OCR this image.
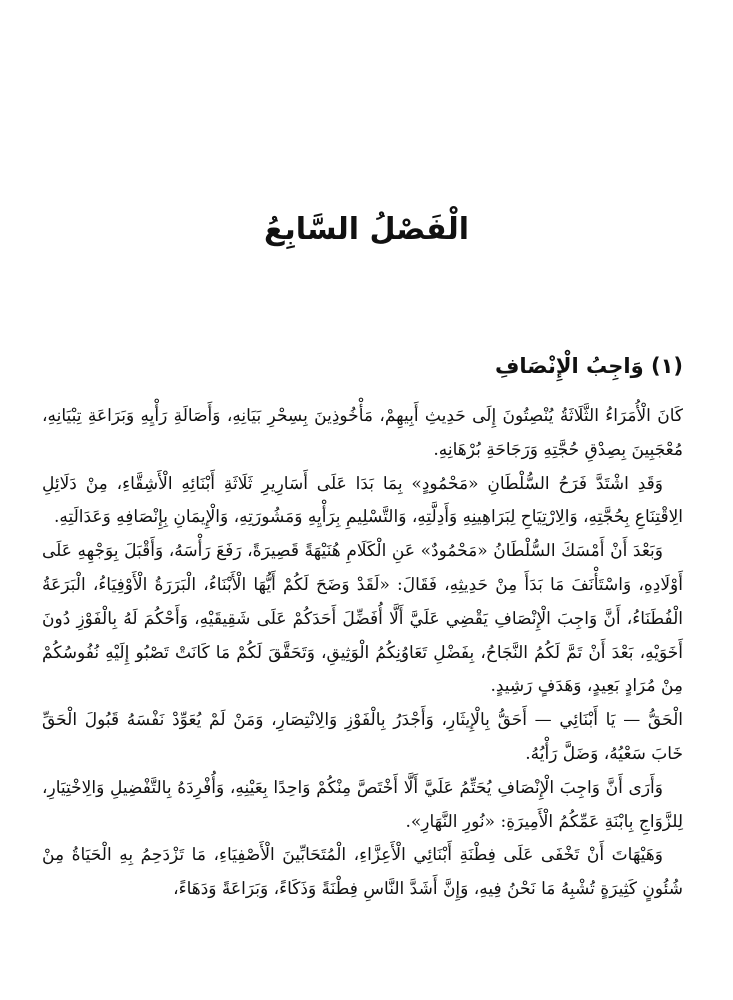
الْفَصْلُ السَّابِعُ
(١) وَاجِبُ الْإِنْصَافِ

كَانَ الْأُمَرَاءُ الثَّلَاثَةُ يُنْصِتُونَ إِلَى حَدِيثِ أَبِيهِمْ، مَأْخُوذِينَ بِسِحْرِ بَيَانِهِ، وَأَصَالَةِ رَأْيِهِ وَبَرَاعَةِ تِبْيَانِهِ، مُعْجَبِينَ بِصِدْقِ حُجَّتِهِ وَرَجَاحَةِ بُرْهَانِهِ.

وَقَدِ اشْتَدَّ فَرَحُ السُّلْطَانِ «مَحْمُودٍ» بِمَا بَدَا عَلَى أَسَارِيرِ ثَلَاثَةِ أَبْنَائِهِ الْأَشِقَّاءِ، مِنْ دَلَائِلِ الِاقْتِنَاعِ بِحُجَّتِهِ، وَالِارْتِيَاحِ لِبَرَاهِينِهِ وَأَدِلَّتِهِ، وَالتَّسْلِيمِ بِرَأْيِهِ وَمَشُورَتِهِ، وَالْإِيمَانِ بِإِنْصَافِهِ وَعَدَالَتِهِ.

وَبَعْدَ أَنْ أَمْسَكَ السُّلْطَانُ «مَحْمُودٌ» عَنِ الْكَلَامِ هُنَيْهَةً قَصِيرَةً، رَفَعَ رَأْسَهُ، وَأَقْبَلَ بِوَجْهِهِ عَلَى أَوْلَادِهِ، وَاسْتَأْنَفَ مَا بَدَأَ مِنْ حَدِيثِهِ، فَقَالَ: «لَقَدْ وَضَحَ لَكُمْ أَيُّهَا الْأَبْنَاءُ، الْبَرَرَةُ الْأَوْفِيَاءُ، الْبَرَعَةُ الْفُطَنَاءُ، أَنَّ وَاجِبَ الْإِنْصَافِ يَقْضِي عَلَيَّ أَلَّا أُفَضِّلَ أَحَدَكُمْ عَلَى شَقِيقَيْهِ، وَأَحْكُمَ لَهُ بِالْفَوْزِ دُونَ أَخَوَيْهِ، بَعْدَ أَنْ تَمَّ لَكُمُ النَّجَاحُ، بِفَضْلِ تَعَاوُنِكُمُ الْوَثِيقِ، وَتَحَقَّقَ لَكُمْ مَا كَانَتْ تَصْبُو إِلَيْهِ نُفُوسُكُمْ مِنْ مُرَادٍ بَعِيدٍ، وَهَدَفٍ رَشِيدٍ.

الْحَقُّ — يَا أَبْنَائِي — أَحَقُّ بِالْإِيثَارِ، وَأَجْدَرُ بِالْفَوْزِ وَالِانْتِصَارِ، وَمَنْ لَمْ يُعَوِّدْ نَفْسَهُ قَبُولَ الْحَقِّ خَابَ سَعْيُهُ، وَضَلَّ رَأْيُهُ.

وَأَرَى أَنَّ وَاجِبَ الْإِنْصَافِ يُحَتِّمُ عَلَيَّ أَلَّا أَخْتَصَّ مِنْكُمْ وَاحِدًا بِعَيْنِهِ، وَأُفْرِدَهُ بِالتَّفْضِيلِ وَالِاخْتِيَارِ، لِلزَّوَاجِ بِابْنَةِ عَمِّكُمُ الْأَمِيرَةِ: «نُورِ النَّهَارِ».

وَهَيْهَاتَ أَنْ تَخْفَى عَلَى فِطْنَةِ أَبْنَائِي الْأَعِزَّاءِ، الْمُتَحَابِّينَ الْأَصْفِيَاءِ، مَا تَزْدَحِمُ بِهِ الْحَيَاةُ مِنْ شُئُونٍ كَثِيرَةٍ تُشْبِهُ مَا نَحْنُ فِيهِ، وَإِنَّ أَشَدَّ النَّاسِ فِطْنَةً وَذَكَاءً، وَبَرَاعَةً وَدَهَاءً،
